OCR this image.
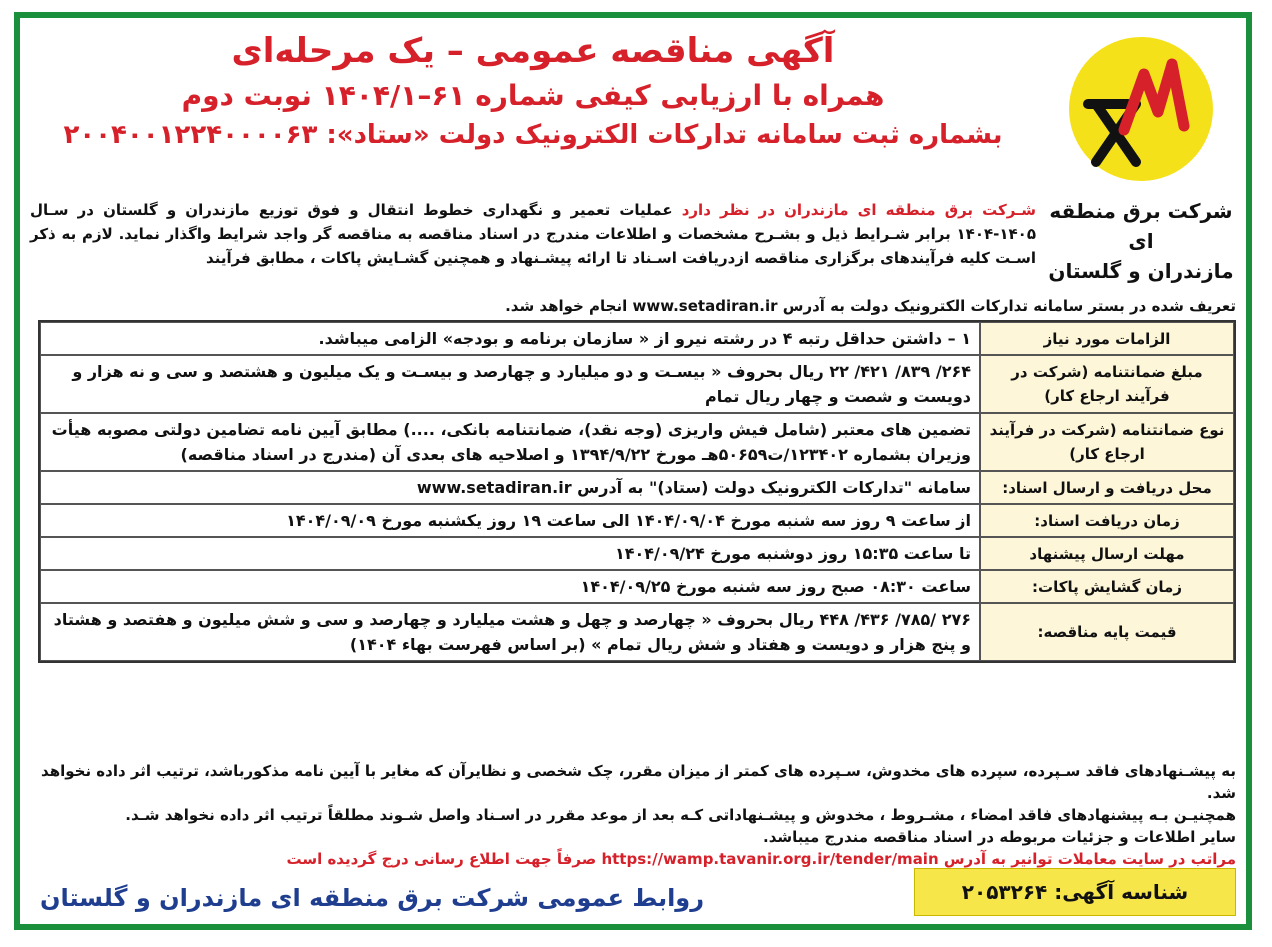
شرکت برق منطقه ای
مازندران و گلستان
آگهی مناقصه عمومی – یک مرحله‌ای
همراه با ارزیابی کیفی شماره ۶۱–۱۴۰۴/۱ نوبت دوم
بشماره ثبت سامانه تدارکات الکترونیک دولت «ستاد»: ۲۰۰۴۰۰۱۲۲۴۰۰۰۰۶۳
شـرکت برق منطقه ای مازندران در نظر دارد عملیات تعمیر و نگهداری خطوط انتقال و فوق توزیع مازندران و گلستان در سـال ۱۴۰۵-۱۴۰۴ برابر شـرایط ذیل و بشـرح مشخصات و اطلاعات مندرج در اسناد مناقصه به مناقصه گر واجد شرایط واگذار نماید. لازم به ذکر اسـت کلیه فرآیندهای برگزاری مناقصه ازدریافت اسـناد تا ارائه پیشـنهاد و همچنین گشـایش پاکات ، مطابق فرآیند
تعریف شده در بستر سامانه تدارکات الکترونیک دولت به آدرس www.setadiran.ir انجام خواهد شد.
الزامات مورد نیاز	۱ – داشتن حداقل رتبه ۴ در رشته نیرو از « سازمان برنامه و بودجه» الزامی میباشد.
مبلغ ضمانتنامه (شرکت در فرآیند ارجاع کار)	۲۶۴/ ۸۳۹/ ۴۲۱/ ۲۲ ریال بحروف « بیسـت و دو میلیارد و چهارصد و بیسـت و یک میلیون و هشتصد و سی و نه هزار و دویست و شصت و چهار ریال تمام
نوع ضمانتنامه (شرکت در فرآیند ارجاع کار)	تضمین های معتبر (شامل فیش واریزی (وجه نقد)، ضمانتنامه بانکی، ....) مطابق آیین نامه تضامین دولتی مصوبه هیأت وزیران بشماره ۱۲۳۴۰۲/ت۵۰۶۵۹هـ مورخ ۱۳۹۴/۹/۲۲ و اصلاحیه های بعدی آن (مندرج در اسناد مناقصه)
محل دریافت و ارسال اسناد:	سامانه "تدارکات الکترونیک دولت (ستاد)" به آدرس www.setadiran.ir
زمان دریافت اسناد:	از ساعت ۹ روز سه شنبه مورخ ۱۴۰۴/۰۹/۰۴ الی ساعت ۱۹ روز یکشنبه مورخ ۱۴۰۴/۰۹/۰۹
مهلت ارسال پیشنهاد	تا ساعت ۱۵:۳۵ روز دوشنبه مورخ ۱۴۰۴/۰۹/۲۴
زمان گشایش پاکات:	ساعت ۰۸:۳۰ صبح روز سه شنبه مورخ ۱۴۰۴/۰۹/۲۵
قیمت پایه مناقصه:	۲۷۶ /۷۸۵/ ۴۳۶/ ۴۴۸ ریال بحروف « چهارصد و چهل و هشت میلیارد و چهارصد و سی و شش میلیون و هفتصد و هشتاد و پنج هزار و دویست و هفتاد و شش ریال تمام » (بر اساس فهرست بهاء ۱۴۰۴)

به پیشـنهادهای فاقد سـپرده، سپرده های مخدوش، سـپرده های کمتر از میزان مقرر، چک شخصی و نظایرآن که مغایر با آیین نامه مذکورباشد، ترتیب اثر داده نخواهد شد.

همچنیـن بـه پیشنهادهای فاقد امضاء ، مشـروط ، مخدوش و پیشـنهاداتی کـه بعد از موعد مقرر در اسـناد واصل شـوند مطلقاً ترتیب اثر داده نخواهد شـد.

سایر اطلاعات و جزئیات مربوطه در اسناد مناقصه مندرج میباشد.

مراتب در سایت معاملات توانیر به آدرس https://wamp.tavanir.org.ir/tender/main صرفاً جهت اطلاع رسانی درج گردیده است

شناسه آگهی: ۲۰۵۳۲۶۴
روابط عمومی شرکت برق منطقه ای مازندران و گلستان
